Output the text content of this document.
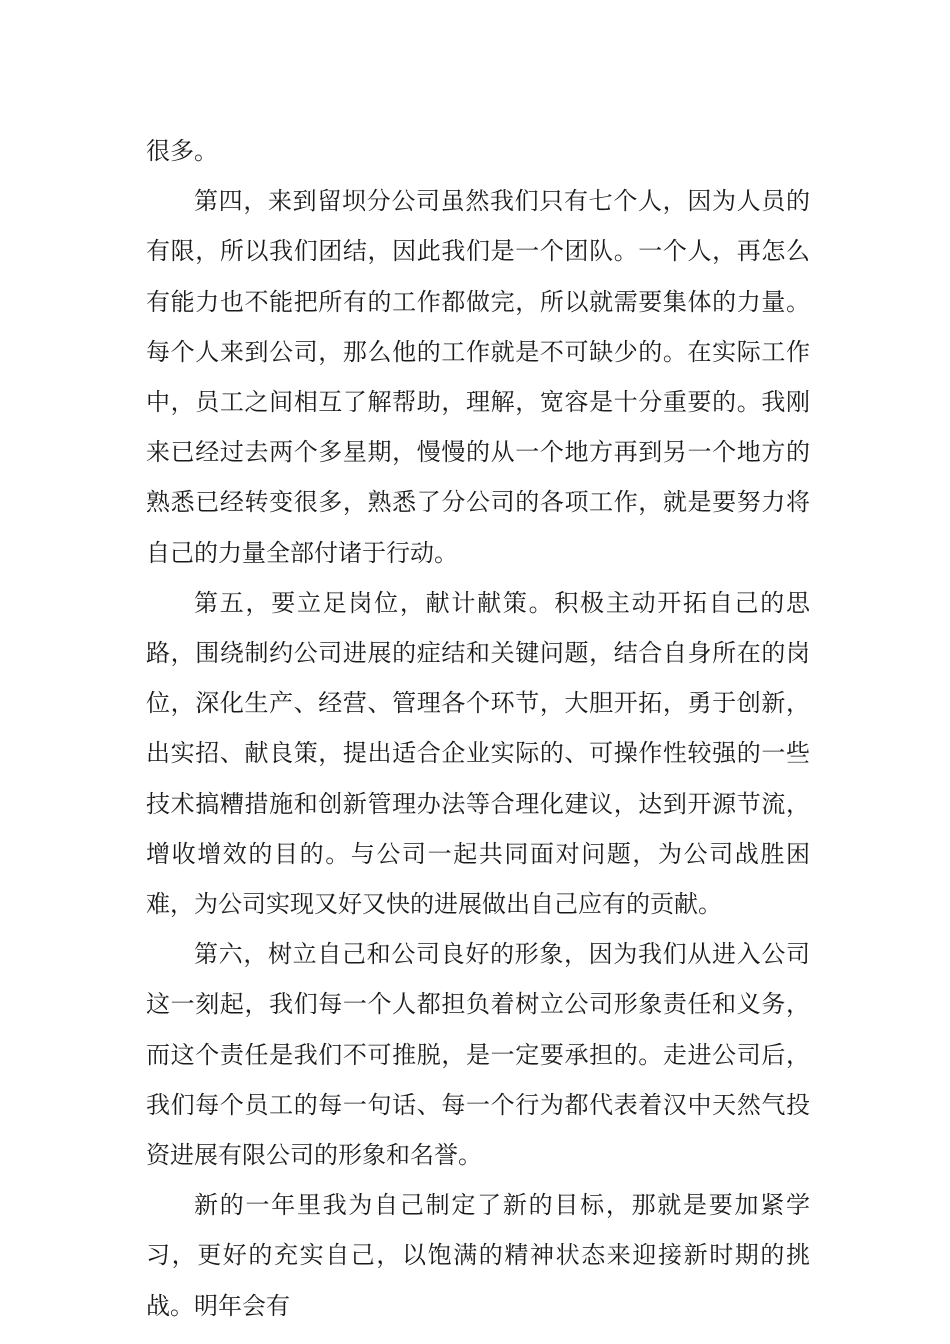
很多。

第四，来到留坝分公司虽然我们只有七个人，因为人员的有限，所以我们团结，因此我们是一个团队。一个人，再怎么有能力也不能把所有的工作都做完，所以就需要集体的力量。每个人来到公司，那么他的工作就是不可缺少的。在实际工作中，员工之间相互了解帮助，理解，宽容是十分重要的。我刚来已经过去两个多星期，慢慢的从一个地方再到另一个地方的熟悉已经转变很多，熟悉了分公司的各项工作，就是要努力将自己的力量全部付诸于行动。

第五，要立足岗位，献计献策。积极主动开拓自己的思路，围绕制约公司进展的症结和关键问题，结合自身所在的岗位，深化生产、经营、管理各个环节，大胆开拓，勇于创新，出实招、献良策，提出适合企业实际的、可操作性较强的一些技术搞糟措施和创新管理办法等合理化建议，达到开源节流，增收增效的目的。与公司一起共同面对问题，为公司战胜困难，为公司实现又好又快的进展做出自己应有的贡献。

第六，树立自己和公司良好的形象，因为我们从进入公司这一刻起，我们每一个人都担负着树立公司形象责任和义务，而这个责任是我们不可推脱，是一定要承担的。走进公司后，我们每个员工的每一句话、每一个行为都代表着汉中天然气投资进展有限公司的形象和名誉。

新的一年里我为自己制定了新的目标，那就是要加紧学习，更好的充实自己，以饱满的精神状态来迎接新时期的挑战。明年会有
